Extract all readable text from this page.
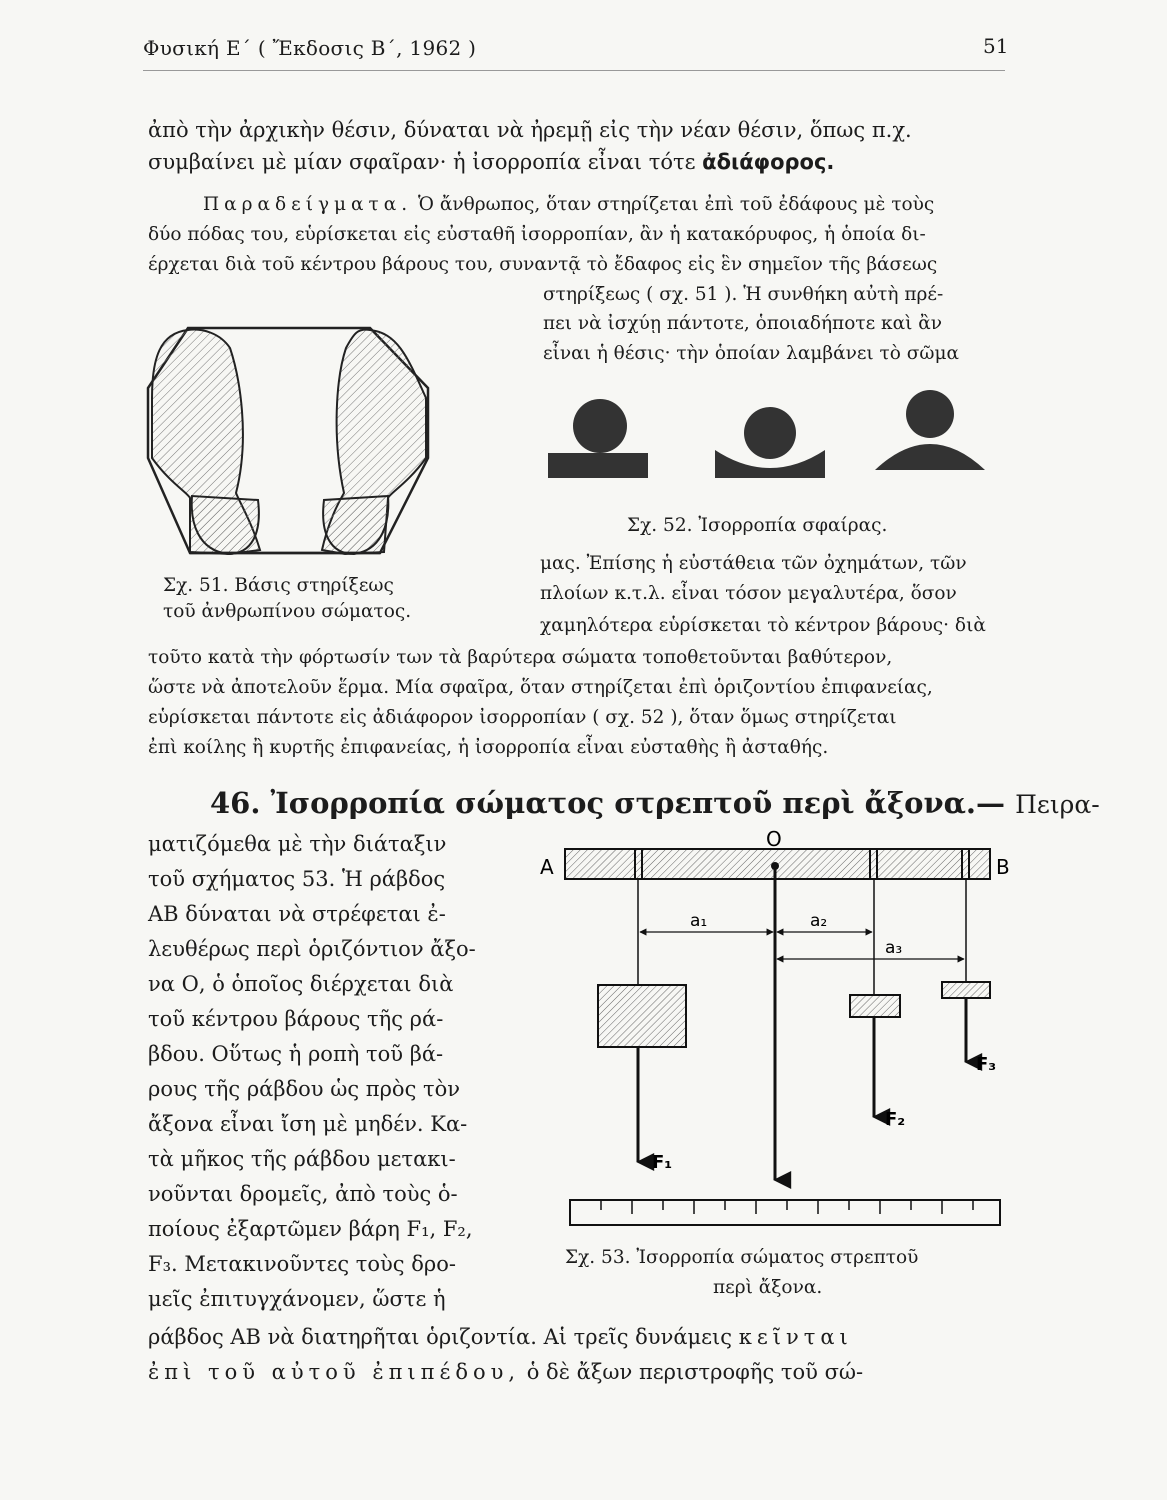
Φυσική Ε΄ ( Ἔκδοσις Β΄, 1962 )	51
ἀπὸ τὴν ἀρχικὴν θέσιν, δύναται νὰ ἠρεμῇ εἰς τὴν νέαν θέσιν, ὅπως π.χ.
συμβαίνει μὲ μίαν σφαῖραν· ἡ ἰσορροπία εἶναι τότε ἀδιάφορος.
Παραδείγματα. Ὁ ἄνθρωπος, ὅταν στηρίζεται ἐπὶ τοῦ ἐδάφους μὲ τοὺς
δύο πόδας του, εὑρίσκεται εἰς εὐσταθῆ ἰσορροπίαν, ἂν ἡ κατακόρυφος, ἡ ὁποία δι-
έρχεται διὰ τοῦ κέντρου βάρους του, συναντᾷ τὸ ἔδαφος εἰς ἓν σημεῖον τῆς βάσεως
στηρίξεως ( σχ. 51 ). Ἡ συνθήκη αὐτὴ πρέ-
πει νὰ ἰσχύῃ πάντοτε, ὁποιαδήποτε καὶ ἂν
εἶναι ἡ θέσις· τὴν ὁποίαν λαμβάνει τὸ σῶμα
Σχ. 51. Βάσις στηρίξεως
τοῦ ἀνθρωπίνου σώματος.
Σχ. 52. Ἰσορροπία σφαίρας.
μας. Ἐπίσης ἡ εὐστάθεια τῶν ὀχημάτων, τῶν
πλοίων κ.τ.λ. εἶναι τόσον μεγαλυτέρα, ὅσον
χαμηλότερα εὑρίσκεται τὸ κέντρον βάρους· διὰ
τοῦτο κατὰ τὴν φόρτωσίν των τὰ βαρύτερα σώματα τοποθετοῦνται βαθύτερον,
ὥστε νὰ ἀποτελοῦν ἕρμα. Μία σφαῖρα, ὅταν στηρίζεται ἐπὶ ὁριζοντίου ἐπιφανείας,
εὑρίσκεται πάντοτε εἰς ἀδιάφορον ἰσορροπίαν ( σχ. 52 ), ὅταν ὅμως στηρίζεται
ἐπὶ κοίλης ἢ κυρτῆς ἐπιφανείας, ἡ ἰσορροπία εἶναι εὐσταθὴς ἢ ἀσταθής.
46. Ἰσορροπία σώματος στρεπτοῦ περὶ ἄξονα.— Πειρα-
ματιζόμεθα μὲ τὴν διάταξιν
τοῦ σχήματος 53. Ἡ ράβδος
ΑΒ δύναται νὰ στρέφεται ἐ-
λευθέρως περὶ ὁριζόντιον ἄξο-
να Ο, ὁ ὁποῖος διέρχεται διὰ
τοῦ κέντρου βάρους τῆς ρά-
βδου. Οὕτως ἡ ροπὴ τοῦ βά-
ρους τῆς ράβδου ὡς πρὸς τὸν
ἄξονα εἶναι ἴση μὲ μηδέν. Κα-
τὰ μῆκος τῆς ράβδου μετακι-
νοῦνται δρομεῖς, ἀπὸ τοὺς ὁ-
ποίους ἐξαρτῶμεν βάρη F₁, F₂,
F₃. Μετακινοῦντες τοὺς δρο-
μεῖς ἐπιτυγχάνομεν, ὥστε ἡ
A	B
O
a₁	a₂
a₃
F₁
F₂
F₃
Σχ. 53. Ἰσορροπία σώματος στρεπτοῦ
περὶ ἄξονα.
ράβδος ΑΒ νὰ διατηρῆται ὁριζοντία. Αἱ τρεῖς δυνάμεις κεῖνται
ἐπὶ τοῦ αὐτοῦ ἐπιπέδου, ὁ δὲ ἄξων περιστροφῆς τοῦ σώ-
